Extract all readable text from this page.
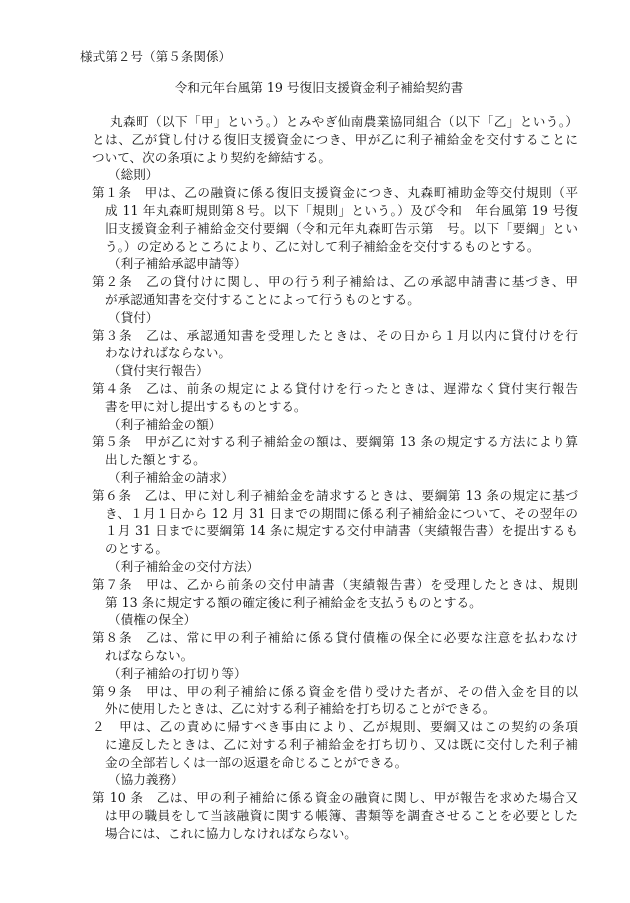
様式第２号（第５条関係）
令和元年台風第 19 号復旧支援資金利子補給契約書
丸森町（以下「甲」という。）とみやぎ仙南農業協同組合（以下「乙」という。）
とは、乙が貸し付ける復旧支援資金につき、甲が乙に利子補給金を交付することに
ついて、次の条項により契約を締結する。
（総則）
第１条　甲は、乙の融資に係る復旧支援資金につき、丸森町補助金等交付規則（平
成 11 年丸森町規則第８号。以下「規則」という。）及び令和　年台風第 19 号復
旧支援資金利子補給金交付要綱（令和元年丸森町告示第　号。以下「要綱」とい
う。）の定めるところにより、乙に対して利子補給金を交付するものとする。
（利子補給承認申請等）
第２条　乙の貸付けに関し、甲の行う利子補給は、乙の承認申請書に基づき、甲
が承認通知書を交付することによって行うものとする。
（貸付）
第３条　乙は、承認通知書を受理したときは、その日から１月以内に貸付けを行
わなければならない。
（貸付実行報告）
第４条　乙は、前条の規定による貸付けを行ったときは、遅滞なく貸付実行報告
書を甲に対し提出するものとする。
（利子補給金の額）
第５条　甲が乙に対する利子補給金の額は、要綱第 13 条の規定する方法により算
出した額とする。
（利子補給金の請求）
第６条　乙は、甲に対し利子補給金を請求するときは、要綱第 13 条の規定に基づ
き、１月１日から 12 月 31 日までの期間に係る利子補給金について、その翌年の
１月 31 日までに要綱第 14 条に規定する交付申請書（実績報告書）を提出するも
のとする。
（利子補給金の交付方法）
第７条　甲は、乙から前条の交付申請書（実績報告書）を受理したときは、規則
第 13 条に規定する額の確定後に利子補給金を支払うものとする。
（債権の保全）
第８条　乙は、常に甲の利子補給に係る貸付債権の保全に必要な注意を払わなけ
ればならない。
（利子補給の打切り等）
第９条　甲は、甲の利子補給に係る資金を借り受けた者が、その借入金を目的以
外に使用したときは、乙に対する利子補給を打ち切ることができる。
２　甲は、乙の責めに帰すべき事由により、乙が規則、要綱又はこの契約の条項
に違反したときは、乙に対する利子補給金を打ち切り、又は既に交付した利子補
金の全部若しくは一部の返還を命じることができる。
（協力義務）
第 10 条　乙は、甲の利子補給に係る資金の融資に関し、甲が報告を求めた場合又
は甲の職員をして当該融資に関する帳簿、書類等を調査させることを必要とした
場合には、これに協力しなければならない。
